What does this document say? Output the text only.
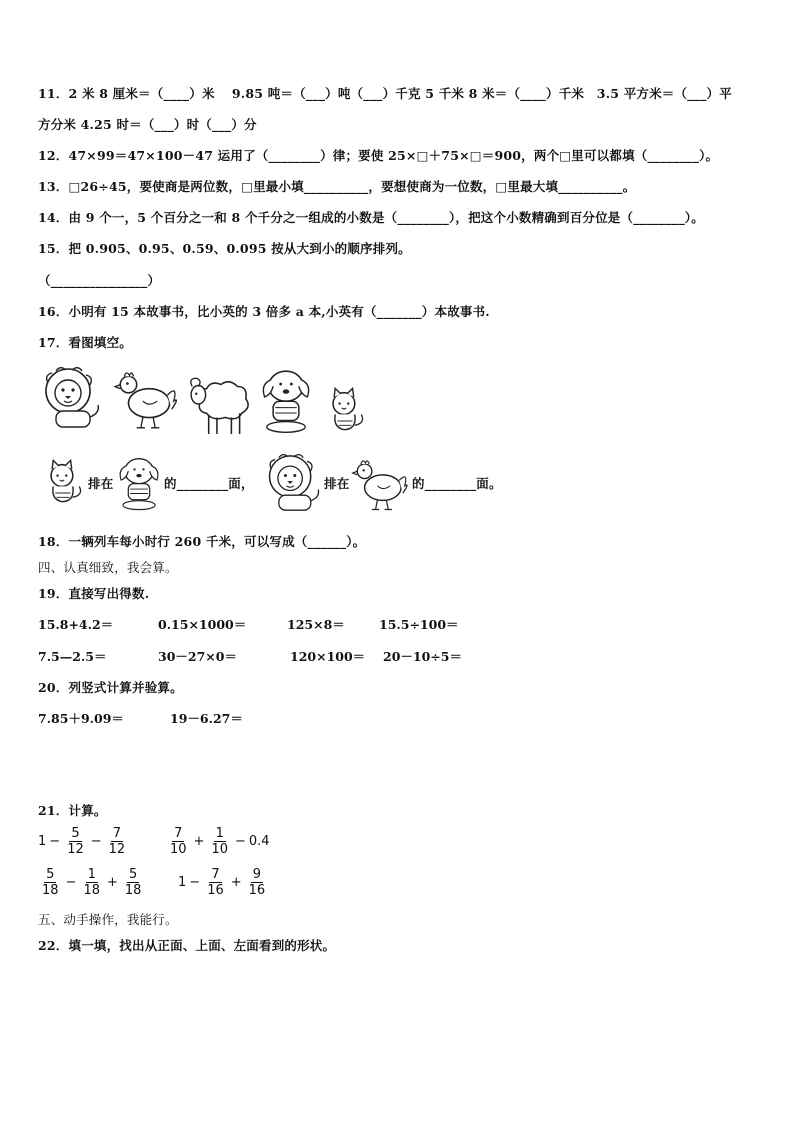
11．2 米 8 厘米＝（____）米　 9.85 吨＝（___）吨（___）千克 5 千米 8 米＝（____）千米　3.5 平方米＝（___）平
方分米 4.25 时＝（___）时（___）分
12．47×99＝47×100－47 运用了（________）律；要使 25×□＋75×□＝900，两个□里可以都填（________）。
13．□26÷45，要使商是两位数，□里最小填__________，要想使商为一位数，□里最大填__________。
14．由 9 个一，5 个百分之一和 8 个千分之一组成的小数是（________），把这个小数精确到百分位是（________）。
15．把 0.905、0.95、0.59、0.095 按从大到小的顺序排列。
（_______________）
16．小明有 15 本故事书，比小英的 3 倍多 a 本,小英有（_______）本故事书.
17．看图填空。
排在	的________面，	排在	的________面。
18．一辆列车每小时行 260 千米，可以写成（______）。
四、认真细致，我会算。
19．直接写出得数.
15.8+4.2＝	0.15×1000＝	125×8＝	15.5÷100＝
7.5—2.5＝	30－27×0＝	120×100＝ 20－10÷5＝
20．列竖式计算并验算。
7.85＋9.09＝	19－6.27＝
21．计算。
$1 - \frac{5}{12} - \frac{7}{12}$	$\frac{7}{10} + \frac{1}{10} - 0.4$
$\frac{5}{18} - \frac{1}{18} + \frac{5}{18}$	$1 - \frac{7}{16} + \frac{9}{16}$
五、动手操作，我能行。
22．填一填，找出从正面、上面、左面看到的形状。
